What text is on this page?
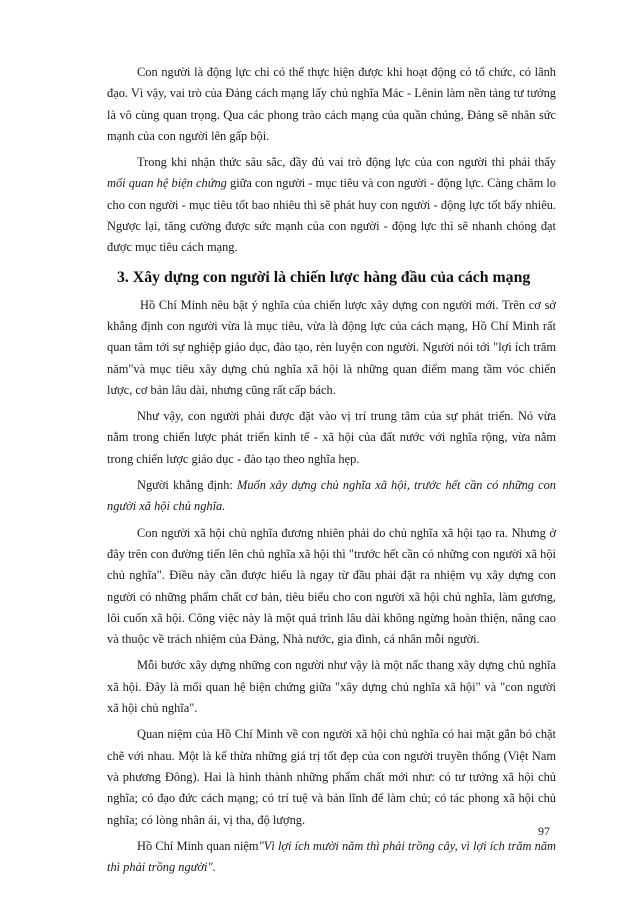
Con người là động lực chỉ có thể thực hiện được khi hoạt động có tổ chức, có lãnh đạo. Vì vậy, vai trò của Đảng cách mạng lấy chủ nghĩa Mác - Lênin làm nền tảng tư tưởng là vô cùng quan trọng. Qua các phong trào cách mạng của quần chúng, Đảng sẽ nhân sức mạnh của con người lên gấp bội.

Trong khi nhận thức sâu sắc, đầy đủ vai trò động lực của con người thì phải thấy mối quan hệ biện chứng giữa con người - mục tiêu và con người - động lực. Càng chăm lo cho con người - mục tiêu tốt bao nhiêu thì sẽ phát huy con người - động lực tốt bấy nhiêu. Ngược lại, tăng cường được sức mạnh của con người - động lực thì sẽ nhanh chóng đạt được mục tiêu cách mạng.

3. Xây dựng con người là chiến lược hàng đầu của cách mạng

Hồ Chí Minh nêu bật ý nghĩa của chiến lược xây dựng con người mới. Trên cơ sở khẳng định con người vừa là mục tiêu, vừa là động lực của cách mạng, Hồ Chí Minh rất quan tâm tới sự nghiệp giáo dục, đào tạo, rèn luyện con người. Người nói tới "lợi ích trăm năm"và mục tiêu xây dựng chủ nghĩa xã hội là những quan điểm mang tầm vóc chiến lược, cơ bản lâu dài, nhưng cũng rất cấp bách.

Như vậy, con người phải được đặt vào vị trí trung tâm của sự phát triển. Nó vừa nằm trong chiến lược phát triển kinh tế - xã hội của đất nước với nghĩa rộng, vừa nằm trong chiến lược giáo dục - đào tạo theo nghĩa hẹp.

Người khẳng định: Muốn xây dựng chủ nghĩa xã hội, trước hết cần có những con người xã hội chủ nghĩa.

Con người xã hội chủ nghĩa đương nhiên phải do chủ nghĩa xã hội tạo ra. Nhưng ở đây trên con đường tiến lên chủ nghĩa xã hội thì "trước hết cần có những con người xã hội chủ nghĩa". Điều này cần được hiểu là ngay từ đầu phải đặt ra nhiệm vụ xây dựng con người có những phẩm chất cơ bản, tiêu biểu cho con người xã hội chủ nghĩa, làm gương, lôi cuốn xã hội. Công việc này là một quá trình lâu dài không ngừng hoàn thiện, nâng cao và thuộc về trách nhiệm của Đảng, Nhà nước, gia đình, cá nhân mỗi người.

Mỗi bước xây dựng những con người như vậy là một nấc thang xây dựng chủ nghĩa xã hội. Đây là mối quan hệ biện chứng giữa "xây dựng chủ nghĩa xã hội" và "con người xã hội chủ nghĩa".

Quan niệm của Hồ Chí Minh về con người xã hội chủ nghĩa có hai mặt gắn bó chặt chẽ với nhau. Một là kế thừa những giá trị tốt đẹp của con người truyền thống (Việt Nam và phương Đông). Hai là hình thành những phẩm chất mới như: có tư tưởng xã hội chủ nghĩa; có đạo đức cách mạng; có trí tuệ và bản lĩnh để làm chủ; có tác phong xã hội chủ nghĩa; có lòng nhân ái, vị tha, độ lượng.

Hồ Chí Minh quan niệm"Vì lợi ích mười năm thì phải trồng cây, vì lợi ích trăm năm thì phải trồng người".

97
